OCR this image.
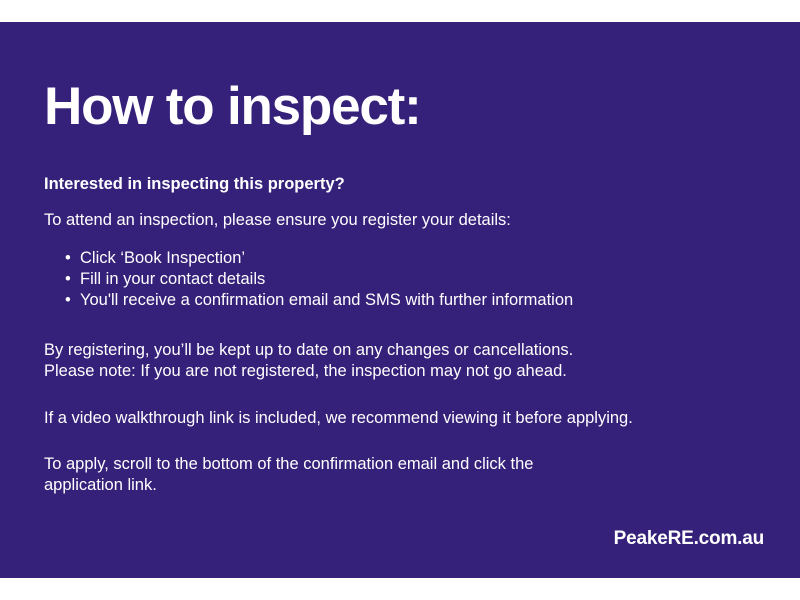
How to inspect:

Interested in inspecting this property?

To attend an inspection, please ensure you register your details:

• Click ‘Book Inspection’
• Fill in your contact details
• You'll receive a confirmation email and SMS with further information

By registering, you’ll be kept up to date on any changes or cancellations.

Please note: If you are not registered, the inspection may not go ahead.

If a video walkthrough link is included, we recommend viewing it before applying.

To apply, scroll to the bottom of the confirmation email and click the

application link.

PeakeRE.com.au
